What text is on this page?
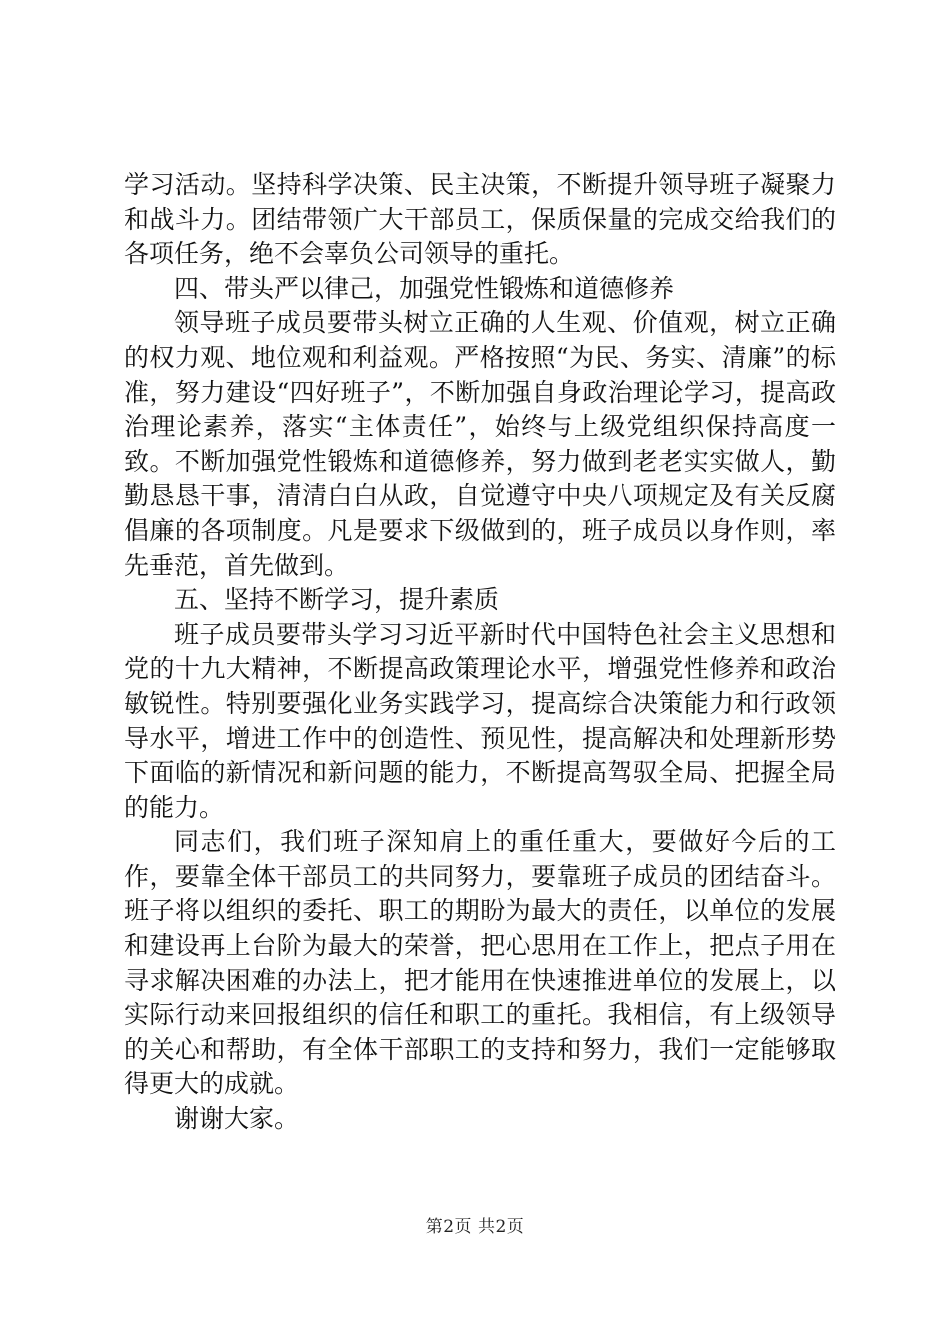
学习活动。坚持科学决策、民主决策，不断提升领导班子凝聚力和战斗力。团结带领广大干部员工，保质保量的完成交给我们的各项任务，绝不会辜负公司领导的重托。

四、带头严以律己，加强党性锻炼和道德修养

领导班子成员要带头树立正确的人生观、价值观，树立正确的权力观、地位观和利益观。严格按照“为民、务实、清廉”的标准，努力建设“四好班子”，不断加强自身政治理论学习，提高政治理论素养，落实“主体责任”，始终与上级党组织保持高度一致。不断加强党性锻炼和道德修养，努力做到老老实实做人，勤勤恳恳干事，清清白白从政，自觉遵守中央八项规定及有关反腐倡廉的各项制度。凡是要求下级做到的，班子成员以身作则，率先垂范，首先做到。

五、坚持不断学习，提升素质

班子成员要带头学习习近平新时代中国特色社会主义思想和党的十九大精神，不断提高政策理论水平，增强党性修养和政治敏锐性。特别要强化业务实践学习，提高综合决策能力和行政领导水平，增进工作中的创造性、预见性，提高解决和处理新形势下面临的新情况和新问题的能力，不断提高驾驭全局、把握全局的能力。

同志们，我们班子深知肩上的重任重大，要做好今后的工作，要靠全体干部员工的共同努力，要靠班子成员的团结奋斗。班子将以组织的委托、职工的期盼为最大的责任，以单位的发展和建设再上台阶为最大的荣誉，把心思用在工作上，把点子用在寻求解决困难的办法上，把才能用在快速推进单位的发展上，以实际行动来回报组织的信任和职工的重托。我相信，有上级领导的关心和帮助，有全体干部职工的支持和努力，我们一定能够取得更大的成就。

谢谢大家。

第2页 共2页
